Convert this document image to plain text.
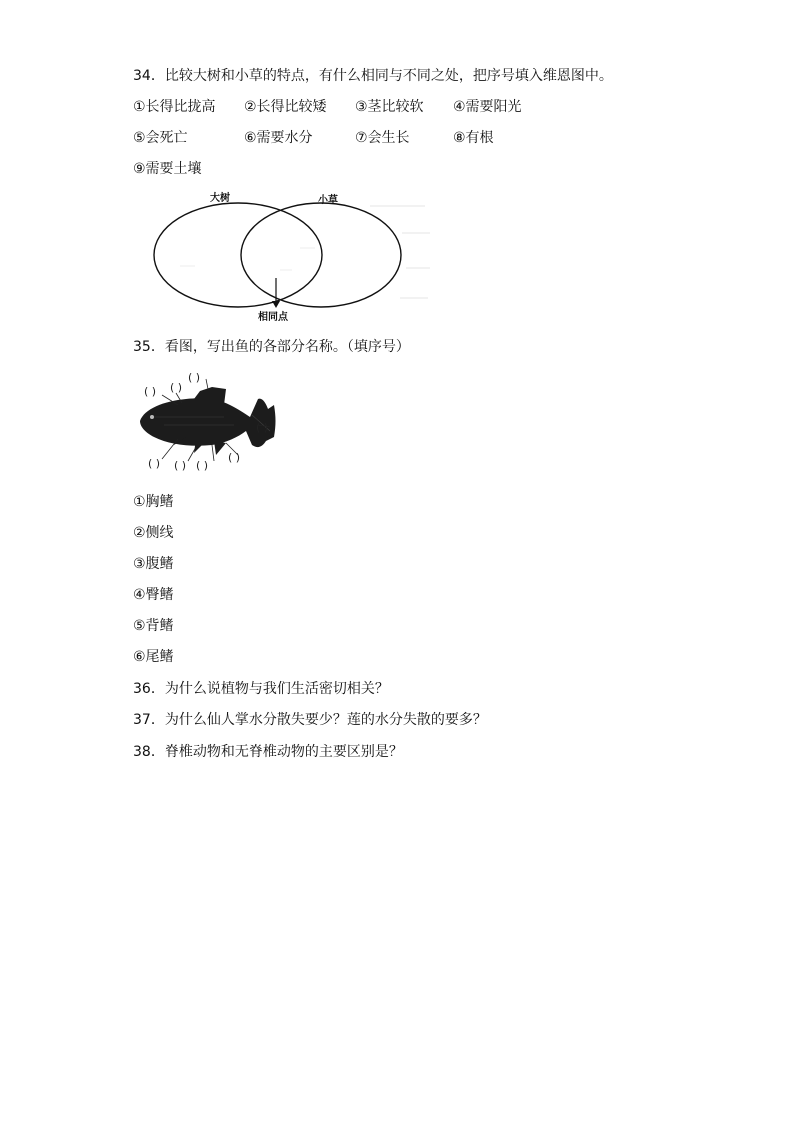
34．比较大树和小草的特点，有什么相同与不同之处，把序号填入维恩图中。
①长得比拢高 ②长得比较矮 ③茎比较软 ④需要阳光
⑤会死亡	⑥需要水分	⑦会生长	⑧有根
⑨需要土壤
大树	小草
相同点
35．看图，写出鱼的各部分名称。（填序号）
( )
( ) ( )
( )
( )
( )
( ) ( )
①胸鳍
②侧线
③腹鳍
④臀鳍
⑤背鳍
⑥尾鳍
36．为什么说植物与我们生活密切相关？
37．为什么仙人掌水分散失要少？莲的水分失散的要多？
38．脊椎动物和无脊椎动物的主要区别是？
